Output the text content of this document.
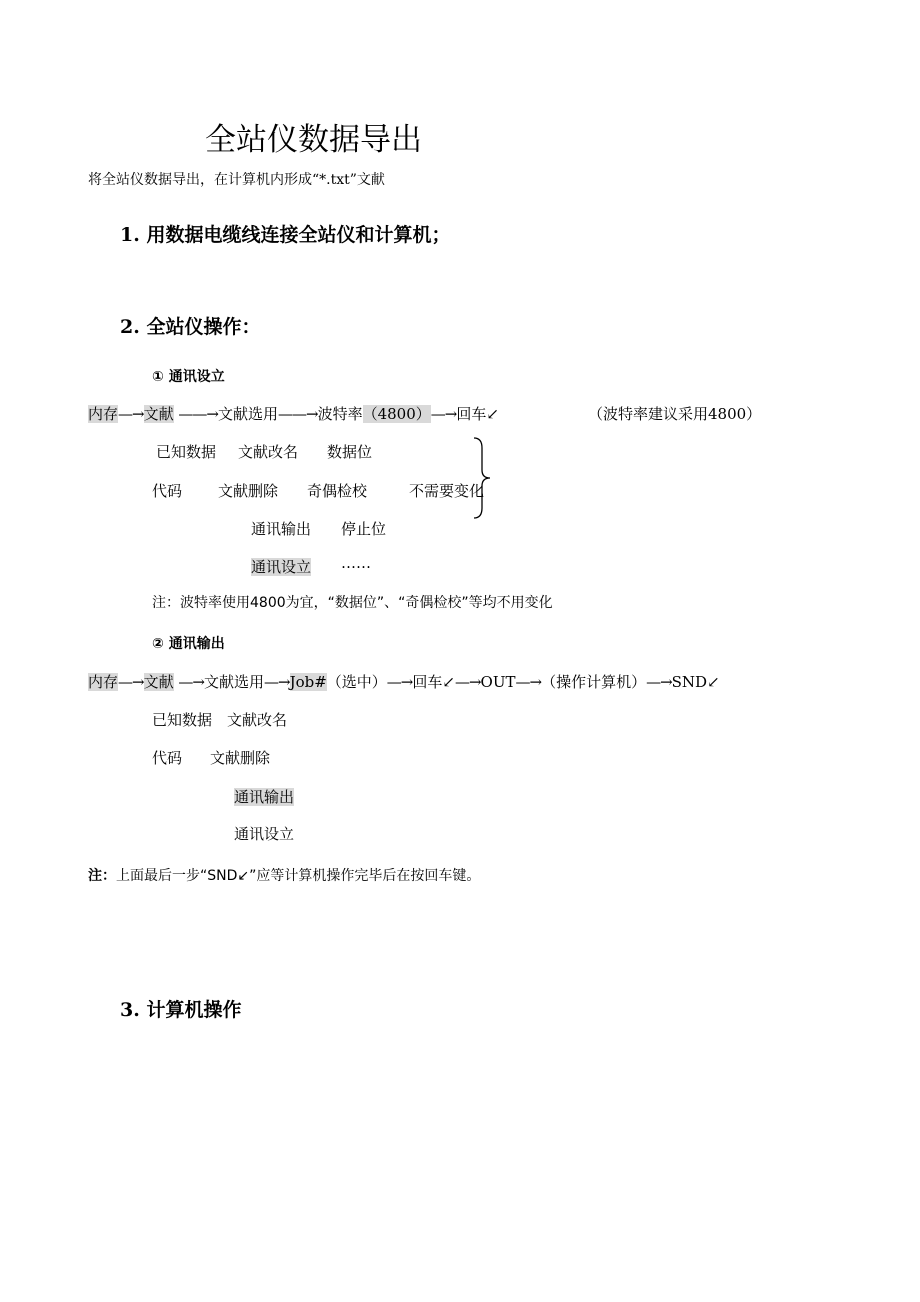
全站仪数据导出
将全站仪数据导出，在计算机内形成“*.txt”文献
1. 用数据电缆线连接全站仪和计算机；
2. 全站仪操作：
① 通讯设立
内存—→文献 ——→文献选用——→波特率（4800）—→回车↙	（波特率建议采用4800）
已知数据 文献改名 数据位
代码 文献删除 奇偶检校	不需要变化
通讯输出 停止位
通讯设立 ……
注：波特率使用4800为宜，“数据位”、“奇偶检校”等均不用变化
② 通讯输出
内存—→文献 —→文献选用—→Job#（选中）—→回车↙—→OUT—→（操作计算机）—→SND↙
已知数据 文献改名
代码 文献删除
通讯输出
通讯设立
注：上面最后一步“SND↙”应等计算机操作完毕后在按回车键。
3. 计算机操作
